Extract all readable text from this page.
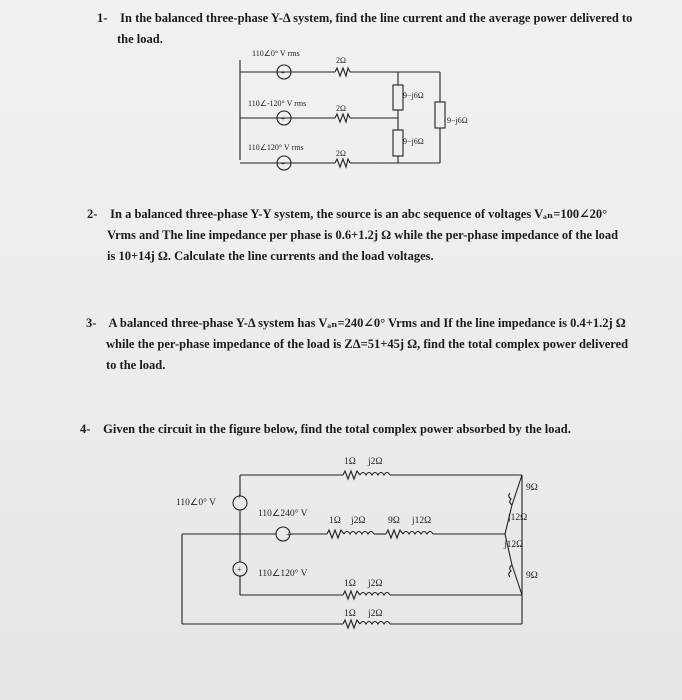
1- In the balanced three-phase Y-Δ system, find the line current and the average power delivered to
the load.
2- In a balanced three-phase Y-Y system, the source is an abc sequence of voltages Vₐₙ=100∠20°
Vrms and The line impedance per phase is 0.6+1.2j Ω while the per-phase impedance of the load
is 10+14j Ω. Calculate the line currents and the load voltages.
3- A balanced three-phase Y-Δ system has Vₐₙ=240∠0° Vrms and If the line impedance is 0.4+1.2j Ω
while the per-phase impedance of the load is ZΔ=51+45j Ω, find the total complex power delivered
to the load.
4- Given the circuit in the figure below, find the total complex power absorbed by the load.
+
+
+
110∠0° V rms
110∠-120° V rms
110∠120° V rms
2Ω
2Ω
2Ω
9−j6Ω
9−j6Ω
9−j6Ω
+
+
+
110∠0° V
110∠240° V
110∠120° V
1Ω j2Ω
1Ω j2Ω 9Ω j12Ω
1Ω j2Ω
1Ω j2Ω
9Ω
j12Ω
j12Ω
9Ω
